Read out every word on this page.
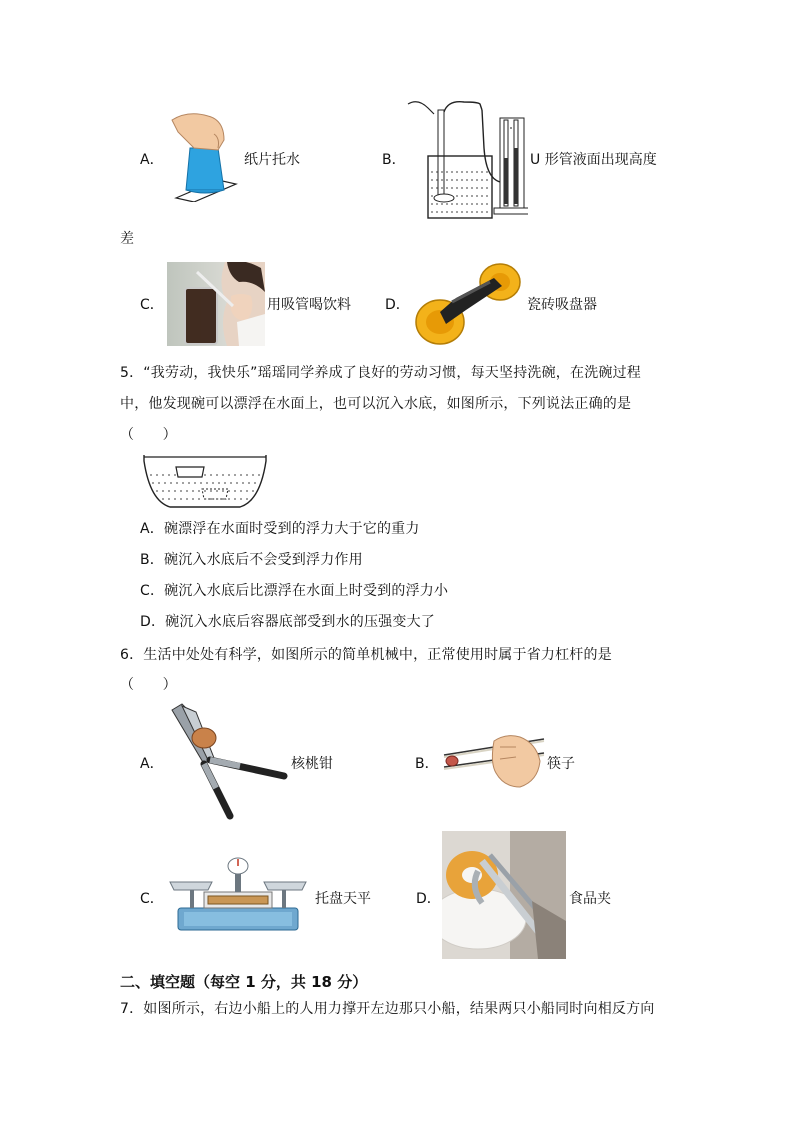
A．	纸片托水	B．	U 形管液面出现高度
差
C．	用吸管喝饮料 D．	瓷砖吸盘器
5．“我劳动，我快乐”瑶瑶同学养成了良好的劳动习惯，每天坚持洗碗，在洗碗过程
中，他发现碗可以漂浮在水面上，也可以沉入水底，如图所示，下列说法正确的是
（　　）
A．碗漂浮在水面时受到的浮力大于它的重力
B．碗沉入水底后不会受到浮力作用
C．碗沉入水底后比漂浮在水面上时受到的浮力小
D．碗沉入水底后容器底部受到水的压强变大了
6．生活中处处有科学，如图所示的简单机械中，正常使用时属于省力杠杆的是
（　　）
A．	核桃钳	B．	筷子
C．	托盘天平	D．	食品夹
二、填空题（每空 1 分，共 18 分）
7．如图所示，右边小船上的人用力撑开左边那只小船，结果两只小船同时向相反方向
